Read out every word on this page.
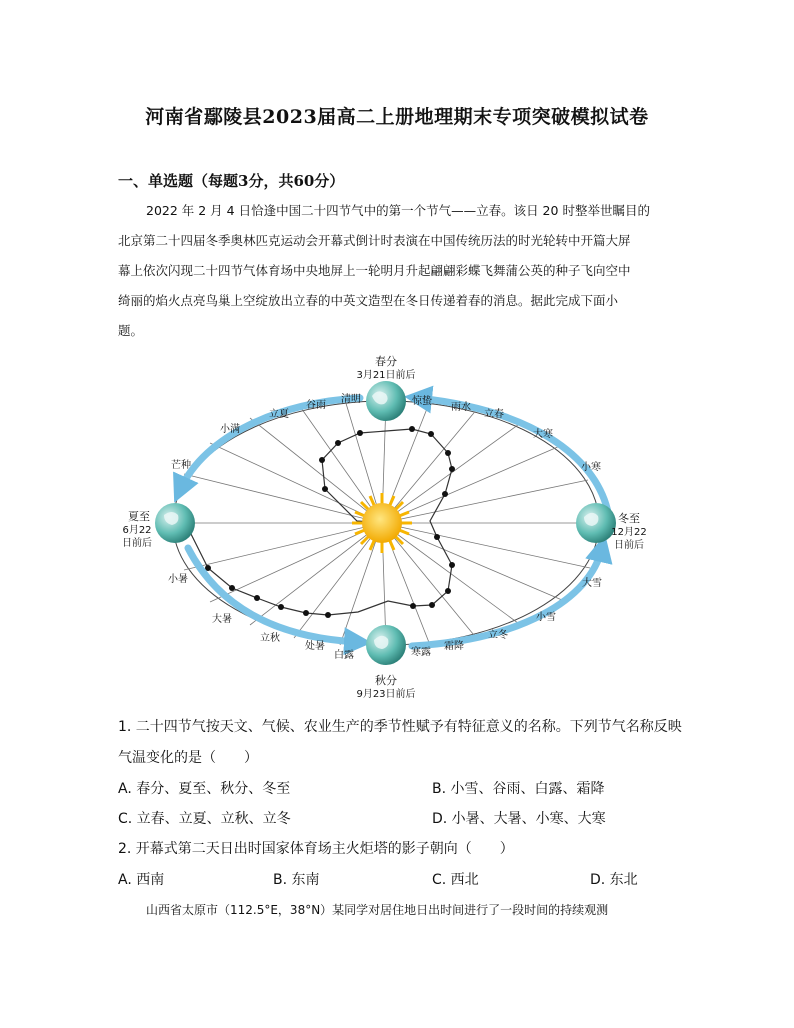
河南省鄢陵县2023届高二上册地理期末专项突破模拟试卷
一、单选题（每题3分，共60分）
2022 年 2 月 4 日恰逢中国二十四节气中的第一个节气——立春。该日 20 时整举世瞩目的
北京第二十四届冬季奥林匹克运动会开幕式倒计时表演在中国传统历法的时光轮转中开篇大屏
幕上依次闪现二十四节气体育场中央地屏上一轮明月升起翩翩彩蝶飞舞蒲公英的种子飞向空中
绮丽的焰火点亮鸟巢上空绽放出立春的中英文造型在冬日传递着春的消息。据此完成下面小
题。
春分
3月21日前后
夏至
6月22
日前后
冬至
12月22
日前后
秋分
9月23日前后
谷雨
清明	惊蛰
雨水
立春
大寒
小寒
立夏
小满
芒种
小暑
大暑
立秋
处暑
白露	寒露
霜降
立冬
小雪
大雪
1. 二十四节气按天文、气候、农业生产的季节性赋予有特征意义的名称。下列节气名称反映
气温变化的是（　　）
A. 春分、夏至、秋分、冬至	B. 小雪、谷雨、白露、霜降
C. 立春、立夏、立秋、立冬	D. 小暑、大暑、小寒、大寒
2. 开幕式第二天日出时国家体育场主火炬塔的影子朝向（　　）
A. 西南	B. 东南	C. 西北	D. 东北
山西省太原市（112.5°E，38°N）某同学对居住地日出时间进行了一段时间的持续观测
